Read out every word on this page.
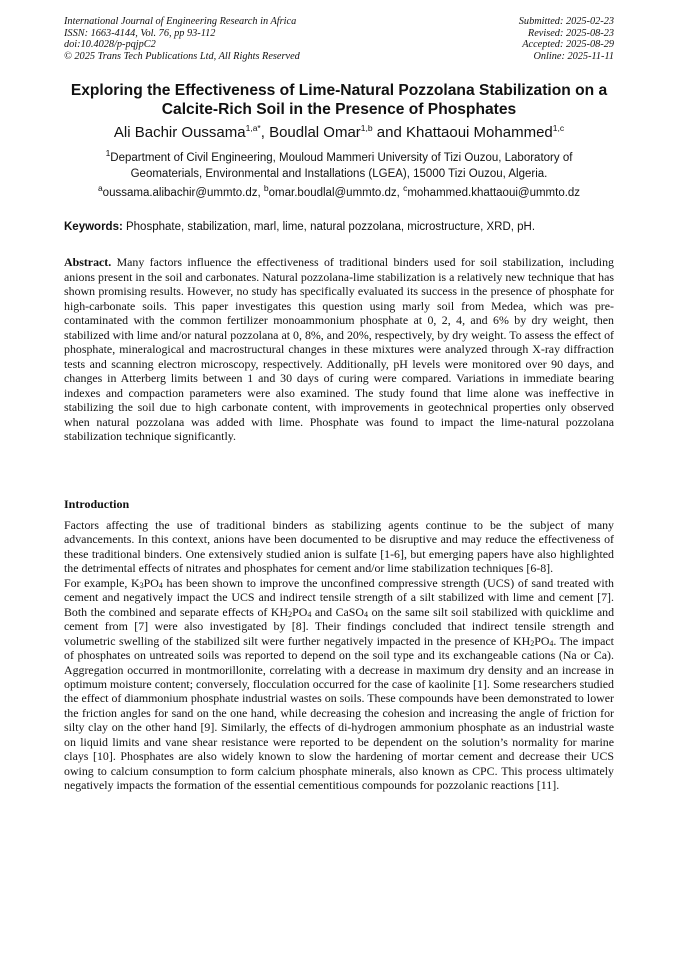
International Journal of Engineering Research in Africa
ISSN: 1663-4144, Vol. 76, pp 93-112
doi:10.4028/p-pqjpC2
© 2025 Trans Tech Publications Ltd, All Rights Reserved
Submitted: 2025-02-23
Revised: 2025-08-23
Accepted: 2025-08-29
Online: 2025-11-11
Exploring the Effectiveness of Lime-Natural Pozzolana Stabilization on a
Calcite-Rich Soil in the Presence of Phosphates
Ali Bachir Oussama$^{1,a*}$, Boudlal Omar$^{1,b}$ and Khattaoui Mohammed$^{1,c}$
$^1$Department of Civil Engineering, Mouloud Mammeri University of Tizi Ouzou, Laboratory of
Geomaterials, Environmental and Installations (LGEA), 15000 Tizi Ouzou, Algeria.
$^a$oussama.alibachir@ummto.dz, $^b$omar.boudlal@ummto.dz, $^c$mohammed.khattaoui@ummto.dz
Keywords: Phosphate, stabilization, marl, lime, natural pozzolana, microstructure, XRD, pH.
Abstract. Many factors influence the effectiveness of traditional binders used for soil stabilization, including anions present in the soil and carbonates. Natural pozzolana-lime stabilization is a relatively new technique that has shown promising results. However, no study has specifically evaluated its success in the presence of phosphate for high-carbonate soils. This paper investigates this question using marly soil from Medea, which was pre-contaminated with the common fertilizer monoammonium phosphate at 0, 2, 4, and 6% by dry weight, then stabilized with lime and/or natural pozzolana at 0, 8%, and 20%, respectively, by dry weight. To assess the effect of phosphate, mineralogical and macrostructural changes in these mixtures were analyzed through X-ray diffraction tests and scanning electron microscopy, respectively. Additionally, pH levels were monitored over 90 days, and changes in Atterberg limits between 1 and 30 days of curing were compared. Variations in immediate bearing indexes and compaction parameters were also examined. The study found that lime alone was ineffective in stabilizing the soil due to high carbonate content, with improvements in geotechnical properties only observed when natural pozzolana was added with lime. Phosphate was found to impact the lime-natural pozzolana stabilization technique significantly.
Introduction

Factors affecting the use of traditional binders as stabilizing agents continue to be the subject of many advancements. In this context, anions have been documented to be disruptive and may reduce the effectiveness of these traditional binders. One extensively studied anion is sulfate [1-6], but emerging papers have also highlighted the detrimental effects of nitrates and phosphates for cement and/or lime stabilization techniques [6-8].

For example, K3PO4 has been shown to improve the unconfined compressive strength (UCS) of sand treated with cement and negatively impact the UCS and indirect tensile strength of a silt stabilized with lime and cement [7]. Both the combined and separate effects of KH2PO4 and CaSO4 on the same silt soil stabilized with quicklime and cement from [7] were also investigated by [8]. Their findings concluded that indirect tensile strength and volumetric swelling of the stabilized silt were further negatively impacted in the presence of KH2PO4. The impact of phosphates on untreated soils was reported to depend on the soil type and its exchangeable cations (Na or Ca). Aggregation occurred in montmorillonite, correlating with a decrease in maximum dry density and an increase in optimum moisture content; conversely, flocculation occurred for the case of kaolinite [1]. Some researchers studied the effect of diammonium phosphate industrial wastes on soils. These compounds have been demonstrated to lower the friction angles for sand on the one hand, while decreasing the cohesion and increasing the angle of friction for silty clay on the other hand [9]. Similarly, the effects of di-hydrogen ammonium phosphate as an industrial waste on liquid limits and vane shear resistance were reported to be dependent on the solution’s normality for marine clays [10]. Phosphates are also widely known to slow the hardening of mortar cement and decrease their UCS owing to calcium consumption to form calcium phosphate minerals, also known as CPC. This process ultimately negatively impacts the formation of the essential cementitious compounds for pozzolanic reactions [11].
